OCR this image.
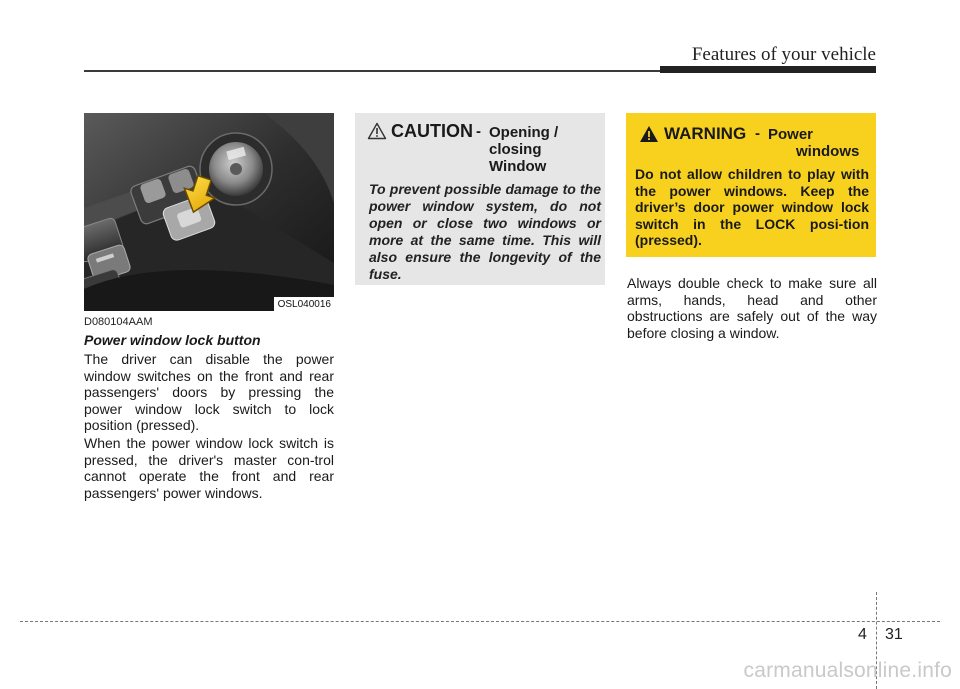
Features of your vehicle
OSL040016
D080104AAM
Power window lock button
The driver can disable the power window switches on the front and rear passengers' doors by pressing the power window lock switch to lock position (pressed).
When the power window lock switch is pressed, the driver's master con-trol cannot operate the front and rear passengers' power windows.
CAUTION - Opening /
closing
Window
To prevent possible damage to the power window system, do not open or close two windows or more at the same time. This will also ensure the longevity of the fuse.
WARNING - Power
windows
Do not allow children to play with the power windows. Keep the driver’s door power window lock switch in the LOCK posi-tion (pressed).
Always double check to make sure all arms, hands, head and other obstructions are safely out of the way before closing a window.
4 31
carmanualsonline.info
